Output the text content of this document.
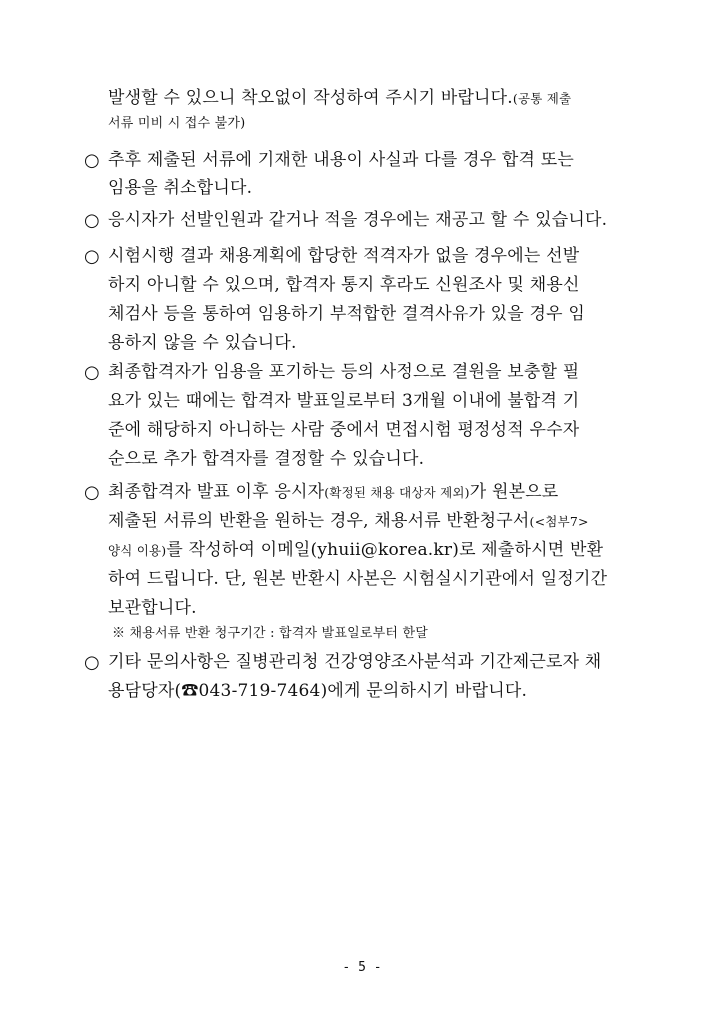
발생할 수 있으니 착오없이 작성하여 주시기 바랍니다.(공통 제출
서류 미비 시 접수 불가)
○ 추후 제출된 서류에 기재한 내용이 사실과 다를 경우 합격 또는
임용을 취소합니다.
○ 응시자가 선발인원과 같거나 적을 경우에는 재공고 할 수 있습니다.
○ 시험시행 결과 채용계획에 합당한 적격자가 없을 경우에는 선발
하지 아니할 수 있으며, 합격자 통지 후라도 신원조사 및 채용신
체검사 등을 통하여 임용하기 부적합한 결격사유가 있을 경우 임
용하지 않을 수 있습니다.
○ 최종합격자가 임용을 포기하는 등의 사정으로 결원을 보충할 필
요가 있는 때에는 합격자 발표일로부터 3개월 이내에 불합격 기
준에 해당하지 아니하는 사람 중에서 면접시험 평정성적 우수자
순으로 추가 합격자를 결정할 수 있습니다.
○ 최종합격자 발표 이후 응시자(확정된 채용 대상자 제외)가 원본으로
제출된 서류의 반환을 원하는 경우, 채용서류 반환청구서(<첨부7>
양식 이용)를 작성하여 이메일(yhuii@korea.kr)로 제출하시면 반환
하여 드립니다. 단, 원본 반환시 사본은 시험실시기관에서 일정기간
보관합니다.
※ 채용서류 반환 청구기간 : 합격자 발표일로부터 한달
○ 기타 문의사항은 질병관리청 건강영양조사분석과 기간제근로자 채
용담당자(☎043-719-7464)에게 문의하시기 바랍니다.
- 5 -
